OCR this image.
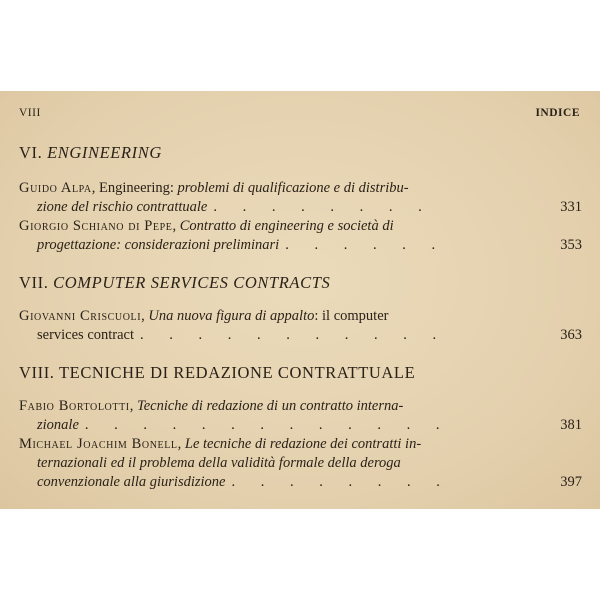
VIII	INDICE
VI. ENGINEERING
Guido Alpa, Engineering: problemi di qualificazione e di distribu-
zione del rischio contrattuale . . . . . . . .	331
Giorgio Schiano di Pepe, Contratto di engineering e società di
progettazione: considerazioni preliminari . . . . . .	353
VII. COMPUTER SERVICES CONTRACTS
Giovanni Criscuoli, Una nuova figura di appalto: il computer
services contract . . . . . . . . . . .	363
VIII. TECNICHE DI REDAZIONE CONTRATTUALE
Fabio Bortolotti, Tecniche di redazione di un contratto interna-
zionale . . . . . . . . . . . . .	381
Michael Joachim Bonell, Le tecniche di redazione dei contratti in-
ternazionali ed il problema della validità formale della deroga
convenzionale alla giurisdizione . . . . . . . .	397
